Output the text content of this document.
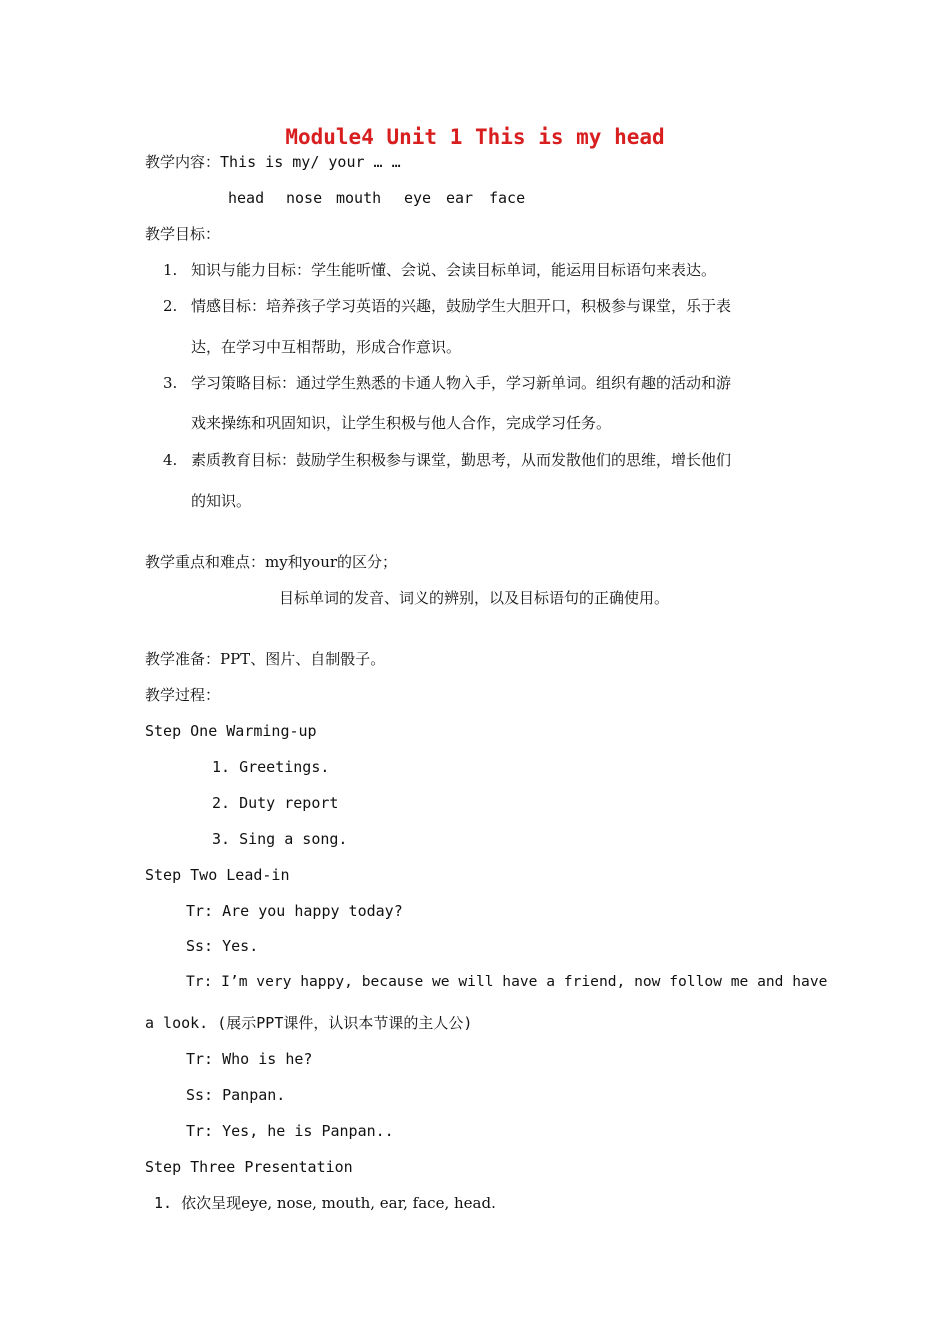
Module4 Unit 1 This is my head
教学内容：This is my/ your … …
head nose mouth eye ear face
教学目标：
1. 知识与能力目标：学生能听懂、会说、会读目标单词，能运用目标语句来表达。
2. 情感目标：培养孩子学习英语的兴趣，鼓励学生大胆开口，积极参与课堂，乐于表
达，在学习中互相帮助，形成合作意识。
3. 学习策略目标：通过学生熟悉的卡通人物入手，学习新单词。组织有趣的活动和游
戏来操练和巩固知识，让学生积极与他人合作，完成学习任务。
4. 素质教育目标：鼓励学生积极参与课堂，勤思考，从而发散他们的思维，增长他们
的知识。
教学重点和难点：my和your的区分；
目标单词的发音、词义的辨别，以及目标语句的正确使用。
教学准备：PPT、图片、自制骰子。
教学过程：
Step One Warming-up
1. Greetings.
2. Duty report
3. Sing a song.
Step Two Lead-in
Tr: Are you happy today?
Ss: Yes.
Tr: I’m very happy, because we will have a friend, now follow me and have
a look. (展示PPT课件，认识本节课的主人公)
Tr: Who is he?
Ss: Panpan.
Tr: Yes, he is Panpan..
Step Three Presentation
1. 依次呈现eye, nose, mouth, ear, face, head.
